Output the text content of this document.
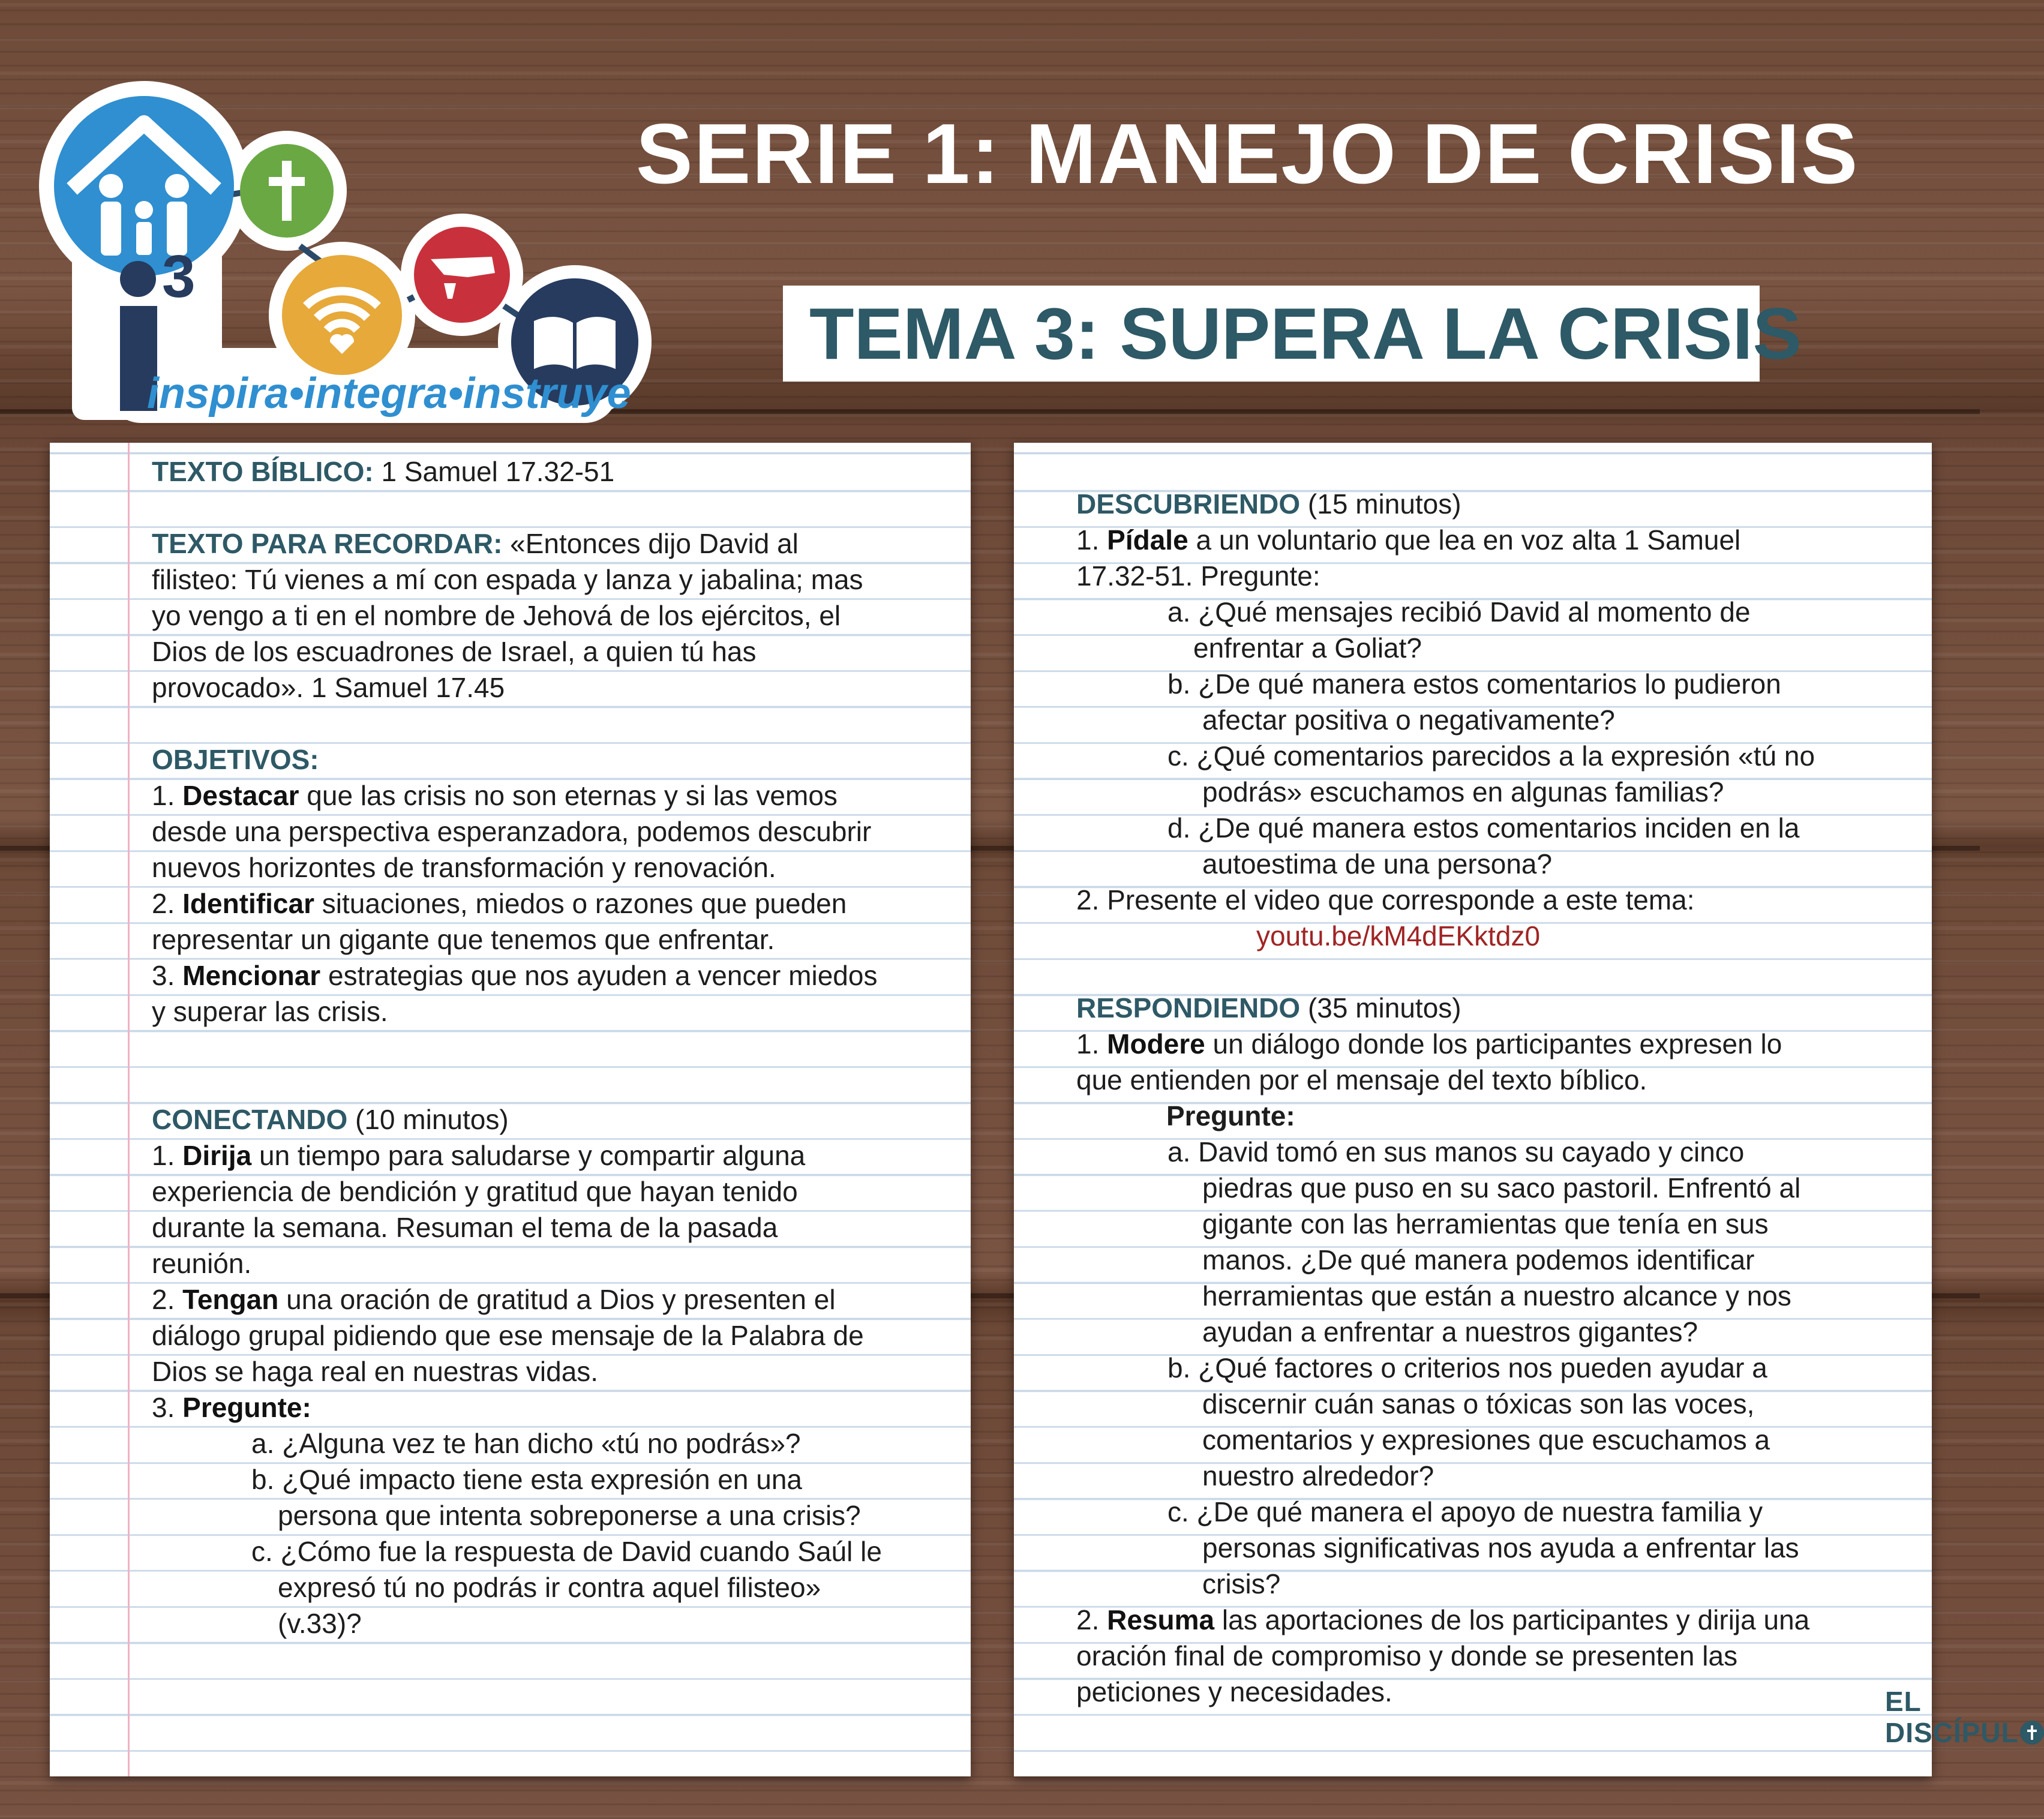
3
inspira•integra•instruye
SERIE 1: MANEJO DE CRISIS
TEMA 3: SUPERA LA CRISIS

TEXTO BÍBLICO: 1 Samuel 17.32-51

TEXTO PARA RECORDAR: «Entonces dijo David al

filisteo: Tú vienes a mí con espada y lanza y jabalina; mas

yo vengo a ti en el nombre de Jehová de los ejércitos, el

Dios de los escuadrones de Israel, a quien tú has

provocado». 1 Samuel 17.45

OBJETIVOS:

1. Destacar que las crisis no son eternas y si las vemos

desde una perspectiva esperanzadora, podemos descubrir

nuevos horizontes de transformación y renovación.

2. Identificar situaciones, miedos o razones que pueden

representar un gigante que tenemos que enfrentar.

3. Mencionar estrategias que nos ayuden a vencer miedos

y superar las crisis.

CONECTANDO (10 minutos)

1. Dirija un tiempo para saludarse y compartir alguna

experiencia de bendición y gratitud que hayan tenido

durante la semana. Resuman el tema de la pasada

reunión.

2. Tengan una oración de gratitud a Dios y presenten el

diálogo grupal pidiendo que ese mensaje de la Palabra de

Dios se haga real en nuestras vidas.

3. Pregunte:

a. ¿Alguna vez te han dicho «tú no podrás»?

b. ¿Qué impacto tiene esta expresión en una

persona que intenta sobreponerse a una crisis?

c. ¿Cómo fue la respuesta de David cuando Saúl le

expresó tú no podrás ir contra aquel filisteo»

(v.33)?

DESCUBRIENDO (15 minutos)

1. Pídale a un voluntario que lea en voz alta 1 Samuel

17.32-51. Pregunte:

a. ¿Qué mensajes recibió David al momento de

enfrentar a Goliat?

b. ¿De qué manera estos comentarios lo pudieron

afectar positiva o negativamente?

c. ¿Qué comentarios parecidos a la expresión «tú no

podrás» escuchamos en algunas familias?

d. ¿De qué manera estos comentarios inciden en la

autoestima de una persona?

2. Presente el video que corresponde a este tema:

youtu.be/kM4dEKktdz0

RESPONDIENDO (35 minutos)

1. Modere un diálogo donde los participantes expresen lo

que entienden por el mensaje del texto bíblico.

Pregunte:

a. David tomó en sus manos su cayado y cinco

piedras que puso en su saco pastoril. Enfrentó al

gigante con las herramientas que tenía en sus

manos. ¿De qué manera podemos identificar

herramientas que están a nuestro alcance y nos

ayudan a enfrentar a nuestros gigantes?

b. ¿Qué factores o criterios nos pueden ayudar a

discernir cuán sanas o tóxicas son las voces,

comentarios y expresiones que escuchamos a

nuestro alrededor?

c. ¿De qué manera el apoyo de nuestra familia y

personas significativas nos ayuda a enfrentar las

crisis?

2. Resuma las aportaciones de los participantes y dirija una

oración final de compromiso y donde se presenten las

peticiones y necesidades.	EL
DISCÍPUL
